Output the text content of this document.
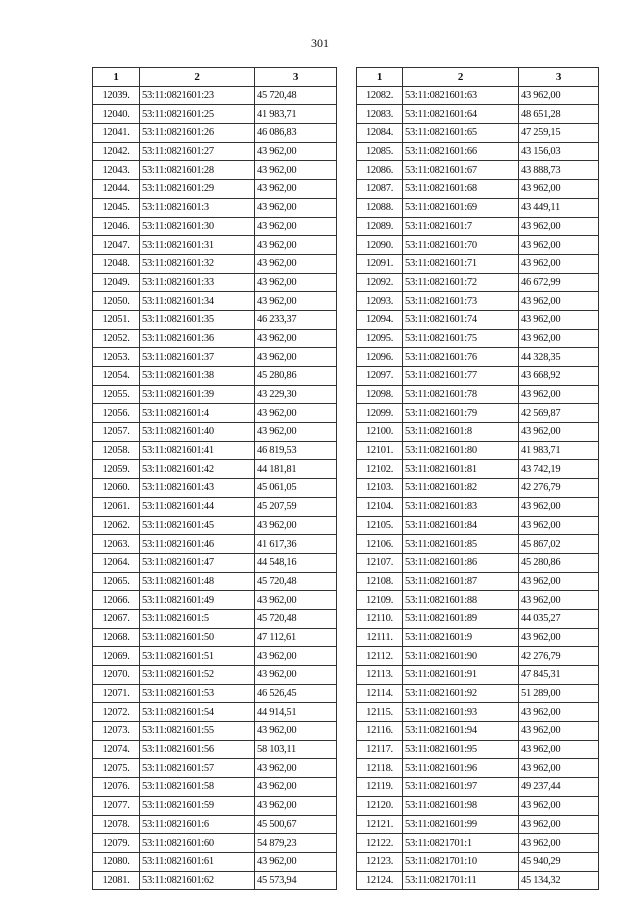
301
1	2	3
12039.	53:11:0821601:23	45 720,48
12040.	53:11:0821601:25	41 983,71
12041.	53:11:0821601:26	46 086,83
12042.	53:11:0821601:27	43 962,00
12043.	53:11:0821601:28	43 962,00
12044.	53:11:0821601:29	43 962,00
12045.	53:11:0821601:3	43 962,00
12046.	53:11:0821601:30	43 962,00
12047.	53:11:0821601:31	43 962,00
12048.	53:11:0821601:32	43 962,00
12049.	53:11:0821601:33	43 962,00
12050.	53:11:0821601:34	43 962,00
12051.	53:11:0821601:35	46 233,37
12052.	53:11:0821601:36	43 962,00
12053.	53:11:0821601:37	43 962,00
12054.	53:11:0821601:38	45 280,86
12055.	53:11:0821601:39	43 229,30
12056.	53:11:0821601:4	43 962,00
12057.	53:11:0821601:40	43 962,00
12058.	53:11:0821601:41	46 819,53
12059.	53:11:0821601:42	44 181,81
12060.	53:11:0821601:43	45 061,05
12061.	53:11:0821601:44	45 207,59
12062.	53:11:0821601:45	43 962,00
12063.	53:11:0821601:46	41 617,36
12064.	53:11:0821601:47	44 548,16
12065.	53:11:0821601:48	45 720,48
12066.	53:11:0821601:49	43 962,00
12067.	53:11:0821601:5	45 720,48
12068.	53:11:0821601:50	47 112,61
12069.	53:11:0821601:51	43 962,00
12070.	53:11:0821601:52	43 962,00
12071.	53:11:0821601:53	46 526,45
12072.	53:11:0821601:54	44 914,51
12073.	53:11:0821601:55	43 962,00
12074.	53:11:0821601:56	58 103,11
12075.	53:11:0821601:57	43 962,00
12076.	53:11:0821601:58	43 962,00
12077.	53:11:0821601:59	43 962,00
12078.	53:11:0821601:6	45 500,67
12079.	53:11:0821601:60	54 879,23
12080.	53:11:0821601:61	43 962,00
12081.	53:11:0821601:62	45 573,94
1	2	3
12082.	53:11:0821601:63	43 962,00
12083.	53:11:0821601:64	48 651,28
12084.	53:11:0821601:65	47 259,15
12085.	53:11:0821601:66	43 156,03
12086.	53:11:0821601:67	43 888,73
12087.	53:11:0821601:68	43 962,00
12088.	53:11:0821601:69	43 449,11
12089.	53:11:0821601:7	43 962,00
12090.	53:11:0821601:70	43 962,00
12091.	53:11:0821601:71	43 962,00
12092.	53:11:0821601:72	46 672,99
12093.	53:11:0821601:73	43 962,00
12094.	53:11:0821601:74	43 962,00
12095.	53:11:0821601:75	43 962,00
12096.	53:11:0821601:76	44 328,35
12097.	53:11:0821601:77	43 668,92
12098.	53:11:0821601:78	43 962,00
12099.	53:11:0821601:79	42 569,87
12100.	53:11:0821601:8	43 962,00
12101.	53:11:0821601:80	41 983,71
12102.	53:11:0821601:81	43 742,19
12103.	53:11:0821601:82	42 276,79
12104.	53:11:0821601:83	43 962,00
12105.	53:11:0821601:84	43 962,00
12106.	53:11:0821601:85	45 867,02
12107.	53:11:0821601:86	45 280,86
12108.	53:11:0821601:87	43 962,00
12109.	53:11:0821601:88	43 962,00
12110.	53:11:0821601:89	44 035,27
12111.	53:11:0821601:9	43 962,00
12112.	53:11:0821601:90	42 276,79
12113.	53:11:0821601:91	47 845,31
12114.	53:11:0821601:92	51 289,00
12115.	53:11:0821601:93	43 962,00
12116.	53:11:0821601:94	43 962,00
12117.	53:11:0821601:95	43 962,00
12118.	53:11:0821601:96	43 962,00
12119.	53:11:0821601:97	49 237,44
12120.	53:11:0821601:98	43 962,00
12121.	53:11:0821601:99	43 962,00
12122.	53:11:0821701:1	43 962,00
12123.	53:11:0821701:10	45 940,29
12124.	53:11:0821701:11	45 134,32
